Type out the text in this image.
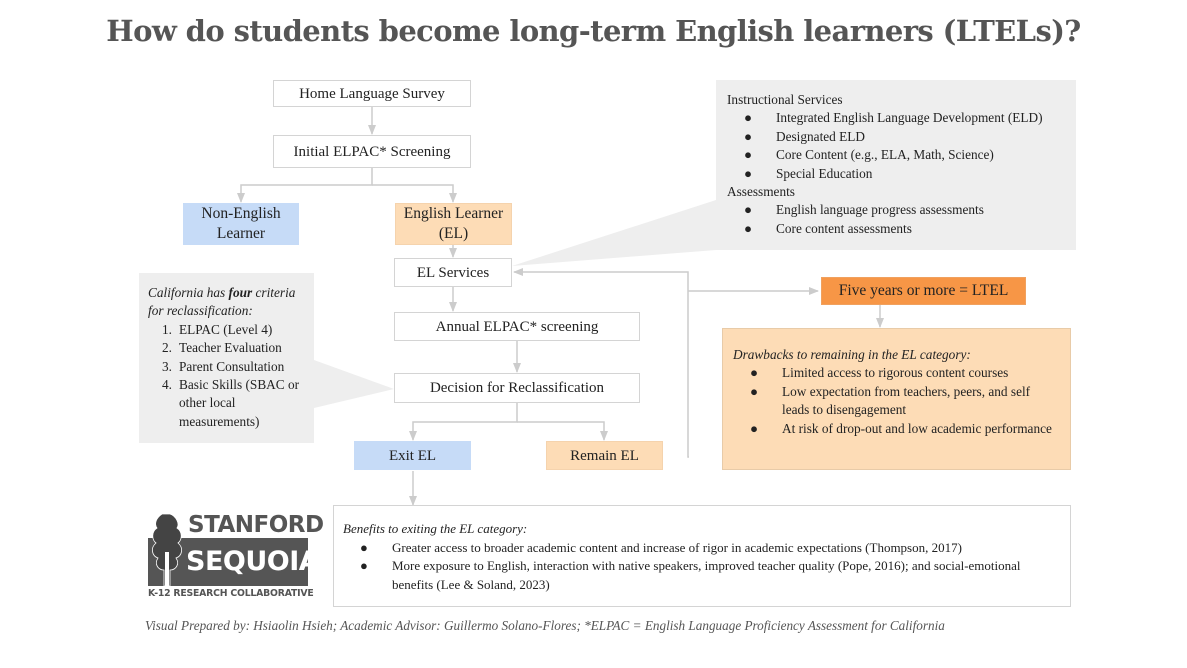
How do students become long-term English learners (LTELs)?
Instructional Services
● Integrated English Language Development (ELD)
● Designated ELD
● Core Content (e.g., ELA, Math, Science)
● Special Education
Assessments
● English language progress assessments
● Core content assessments
California has four criteria for reclassification:
1. ELPAC (Level 4)
2. Teacher Evaluation
3. Parent Consultation
4. Basic Skills (SBAC or other local measurements)
Home Language Survey
Initial ELPAC* Screening
Non-English Learner
English Learner (EL)
EL Services
Annual ELPAC* screening
Decision for Reclassification
Exit EL	Remain EL
Five years or more = LTEL
Drawbacks to remaining in the EL category:
● Limited access to rigorous content courses
● Low expectation from teachers, peers, and self leads to disengagement
● At risk of drop-out and low academic performance
Benefits to exiting the EL category:
● Greater access to broader academic content and increase of rigor in academic expectations (Thompson, 2017)
● More exposure to English, interaction with native speakers, improved teacher quality (Pope, 2016); and social-emotional benefits (Lee & Soland, 2023)
STANFORD
SEQUOIA
K-12 RESEARCH COLLABORATIVE
Visual Prepared by: Hsiaolin Hsieh; Academic Advisor: Guillermo Solano-Flores; *ELPAC = English Language Proficiency Assessment for California
